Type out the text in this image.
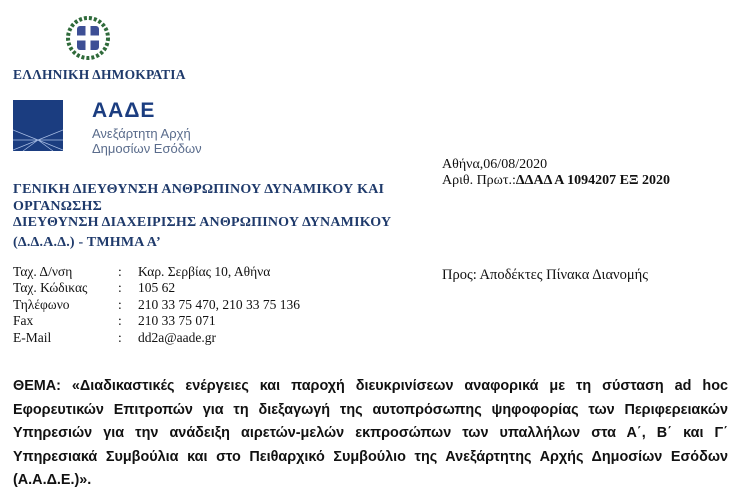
ΕΛΛΗΝΙΚΗ ΔΗΜΟΚΡΑΤΙΑ
ΑΑΔΕ
Ανεξάρτητη Αρχή
Δημοσίων Εσόδων
Αθήνα,06/08/2020
Αριθ. Πρωτ.:ΔΔΑΔ Α 1094207 ΕΞ 2020
Προς: Αποδέκτες Πίνακα Διανομής
ΓΕΝΙΚΗ ΔΙΕΥΘΥΝΣΗ ΑΝΘΡΩΠΙΝΟΥ ΔΥΝΑΜΙΚΟΥ ΚΑΙ
ΟΡΓΑΝΩΣΗΣ
ΔΙΕΥΘΥΝΣΗ ΔΙΑΧΕΙΡΙΣΗΣ ΑΝΘΡΩΠΙΝΟΥ ΔΥΝΑΜΙΚΟΥ
(Δ.Δ.Α.Δ.) - ΤΜΗΜΑ Α’
Ταχ. Δ/νση	:	Καρ. Σερβίας 10, Αθήνα
Ταχ. Κώδικας	:	105 62
Τηλέφωνο	:	210 33 75 470, 210 33 75 136
Fax	:	210 33 75 071
E-Mail	:	dd2a@aade.gr
ΘΕΜΑ: «Διαδικαστικές ενέργειες και παροχή διευκρινίσεων αναφορικά με τη σύσταση ad hoc Εφορευτικών Επιτροπών για τη διεξαγωγή της αυτοπρόσωπης ψηφοφορίας των Περιφερειακών Υπηρεσιών για την ανάδειξη αιρετών-μελών εκπροσώπων των υπαλλήλων στα Α΄, Β΄ και Γ΄ Υπηρεσιακά Συμβούλια και στο Πειθαρχικό Συμβούλιο της Ανεξάρτητης Αρχής Δημοσίων Εσόδων (Α.Α.Δ.Ε.)».
